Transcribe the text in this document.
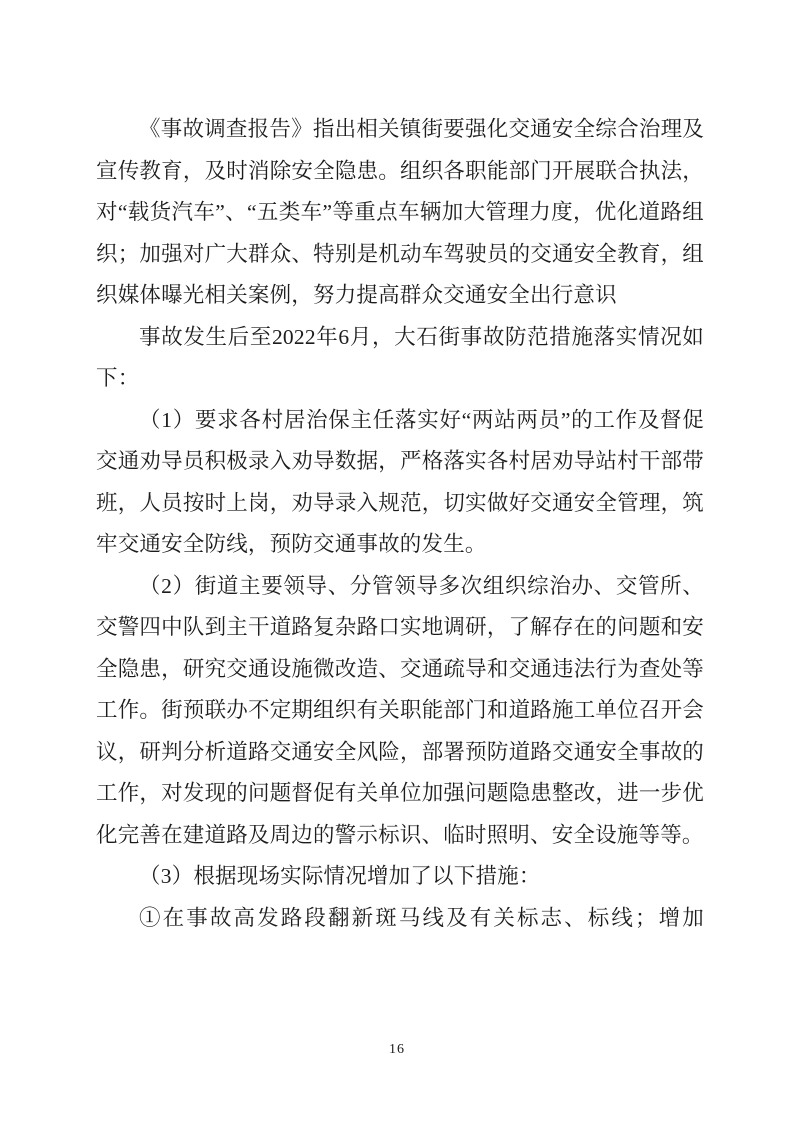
《事故调查报告》指出相关镇街要强化交通安全综合治理及宣传教育，及时消除安全隐患。组织各职能部门开展联合执法，对“载货汽车”、“五类车”等重点车辆加大管理力度，优化道路组织；加强对广大群众、特别是机动车驾驶员的交通安全教育，组织媒体曝光相关案例，努力提高群众交通安全出行意识

事故发生后至2022年6月，大石街事故防范措施落实情况如下：

（1）要求各村居治保主任落实好“两站两员”的工作及督促交通劝导员积极录入劝导数据，严格落实各村居劝导站村干部带班，人员按时上岗，劝导录入规范，切实做好交通安全管理，筑牢交通安全防线，预防交通事故的发生。

（2）街道主要领导、分管领导多次组织综治办、交管所、交警四中队到主干道路复杂路口实地调研，了解存在的问题和安全隐患，研究交通设施微改造、交通疏导和交通违法行为查处等工作。街预联办不定期组织有关职能部门和道路施工单位召开会议，研判分析道路交通安全风险，部署预防道路交通安全事故的工作，对发现的问题督促有关单位加强问题隐患整改，进一步优化完善在建道路及周边的警示标识、临时照明、安全设施等等。

（3）根据现场实际情况增加了以下措施：

①在事故高发路段翻新斑马线及有关标志、标线；增加

16
